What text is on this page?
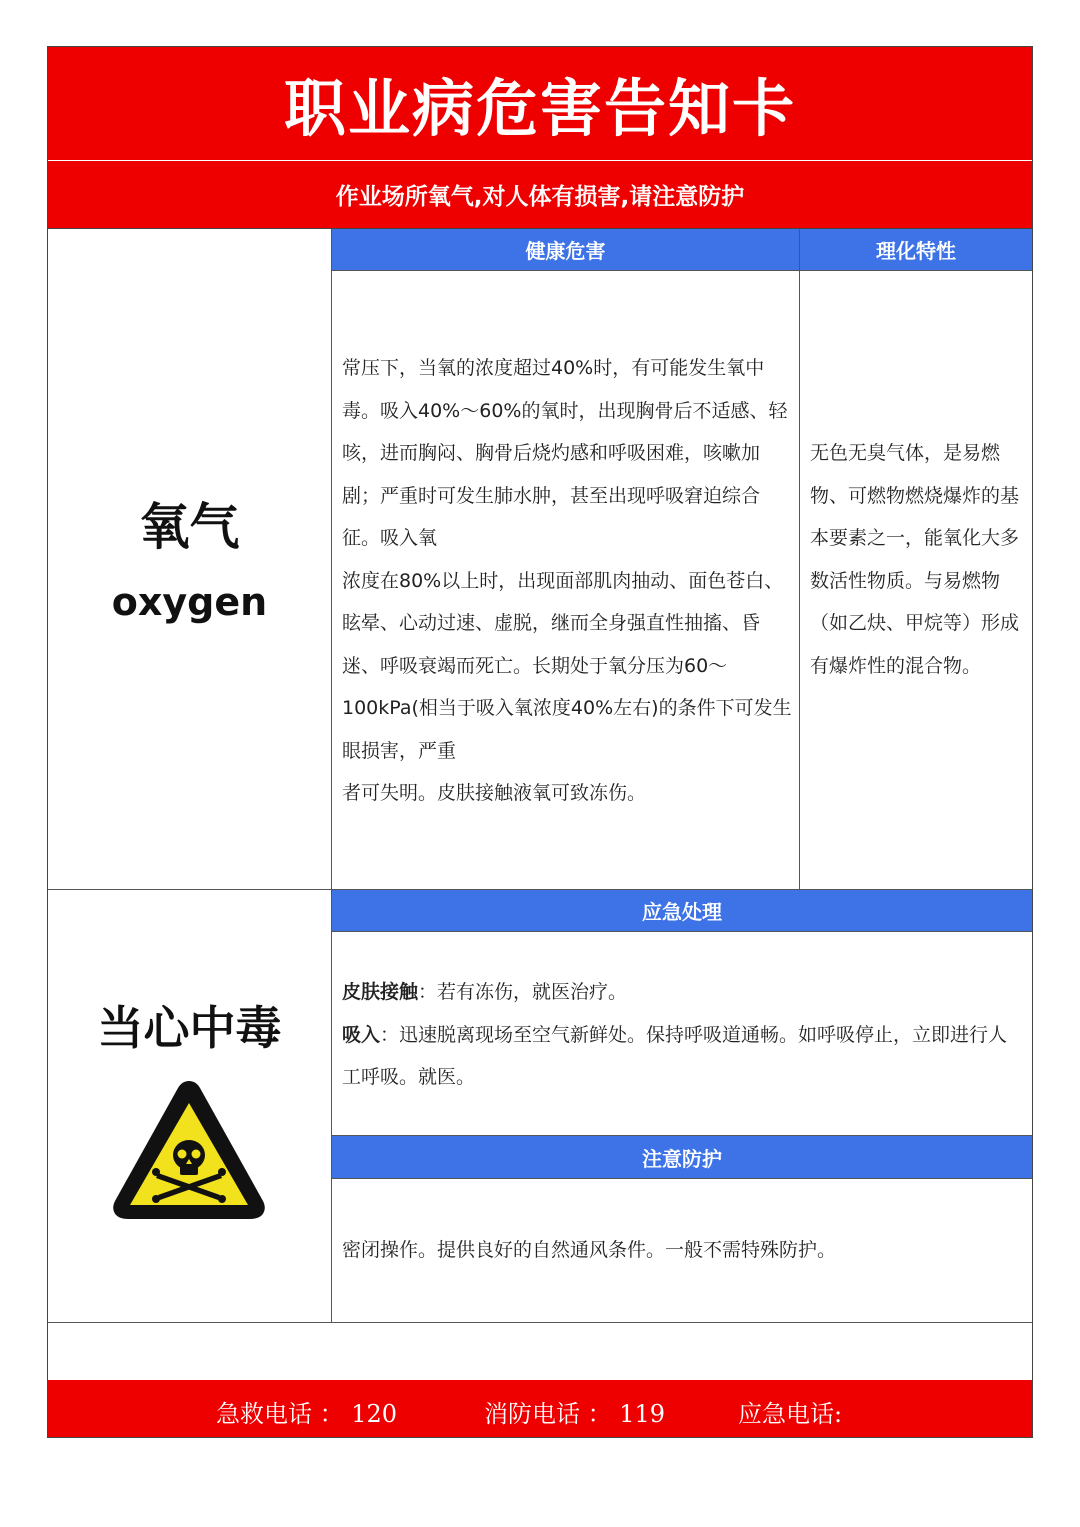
职业病危害告知卡
作业场所氧气,对人体有损害,请注意防护
氧气
oxygen
健康危害

常压下，当氧的浓度超过40%时，有可能发生氧中毒。吸入40%～60%的氧时，出现胸骨后不适感、轻咳，进而胸闷、胸骨后烧灼感和呼吸困难，咳嗽加剧；严重时可发生肺水肿，甚至出现呼吸窘迫综合征。吸入氧

浓度在80%以上时，出现面部肌肉抽动、面色苍白、眩晕、心动过速、虚脱，继而全身强直性抽搐、昏迷、呼吸衰竭而死亡。长期处于氧分压为60～100kPa(相当于吸入氧浓度40%左右)的条件下可发生眼损害，严重

者可失明。皮肤接触液氧可致冻伤。

理化特性
无色无臭气体，是易燃物、可燃物燃烧爆炸的基本要素之一，能氧化大多数活性物质。与易燃物（如乙炔、甲烷等）形成有爆炸性的混合物。
当心中毒
应急处理

皮肤接触：若有冻伤，就医治疗。

吸入：迅速脱离现场至空气新鲜处。保持呼吸道通畅。如呼吸停止，立即进行人工呼吸。就医。

注意防护
密闭操作。提供良好的自然通风条件。一般不需特殊防护。
急救电话 ： 120	消防电话 ： 119	应急电话:
